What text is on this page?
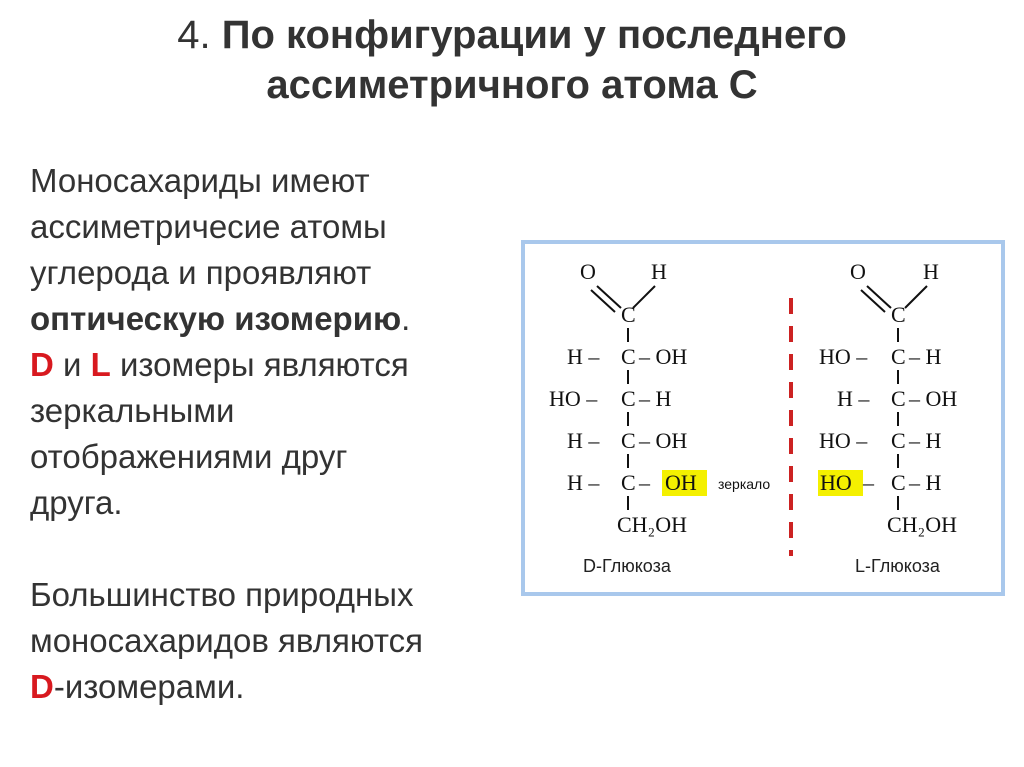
4. По конфигурации у последнего
ассиметричного атома С

Моносахариды имеют

ассиметричесие атомы

углерода и проявляют

оптическую изомерию.

D и L изомеры являются

зеркальными

отображениями друг

друга.

Большинство природных

моносахаридов являются

D-изомерами.

O	H
C
H – C – OH
HO – C – H
H – C – OH
H – C – OH
CH₂OH
D-Глюкоза
зеркало
O	H
C
HO – C – H
H – C – OH
HO – C – H
HO – C – H
CH₂OH
L-Глюкоза
